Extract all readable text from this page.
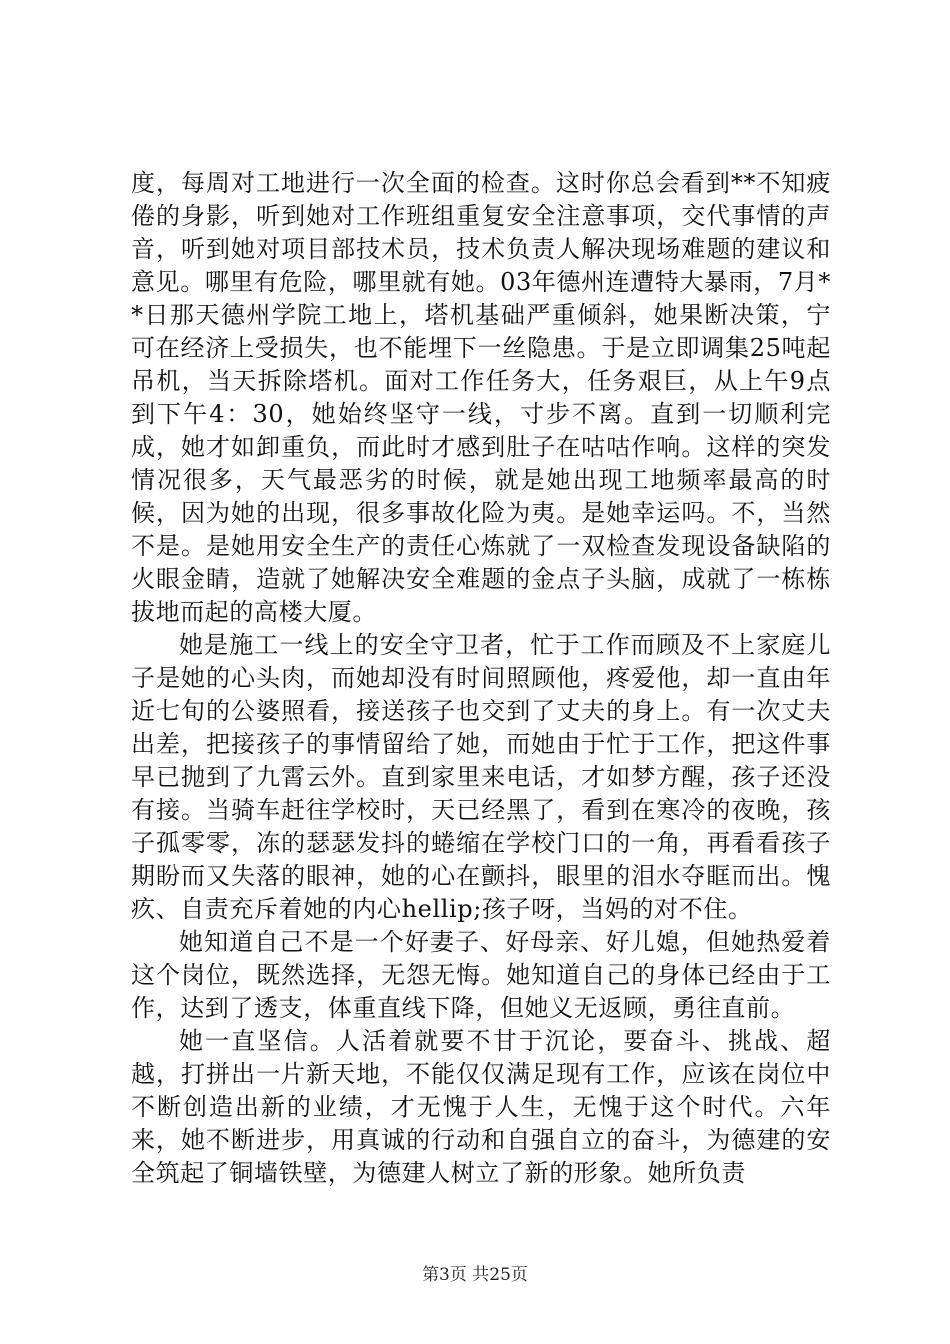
度，每周对工地进行一次全面的检查。这时你总会看到**不知疲倦的身影，听到她对工作班组重复安全注意事项，交代事情的声音，听到她对项目部技术员，技术负责人解决现场难题的建议和意见。哪里有危险，哪里就有她。03年德州连遭特大暴雨，7月**日那天德州学院工地上，塔机基础严重倾斜，她果断决策，宁可在经济上受损失，也不能埋下一丝隐患。于是立即调集25吨起吊机，当天拆除塔机。面对工作任务大，任务艰巨，从上午9点到下午4：30，她始终坚守一线，寸步不离。直到一切顺利完成，她才如卸重负，而此时才感到肚子在咕咕作响。这样的突发情况很多，天气最恶劣的时候，就是她出现工地频率最高的时候，因为她的出现，很多事故化险为夷。是她幸运吗。不，当然不是。是她用安全生产的责任心炼就了一双检查发现设备缺陷的火眼金睛，造就了她解决安全难题的金点子头脑，成就了一栋栋拔地而起的高楼大厦。

她是施工一线上的安全守卫者，忙于工作而顾及不上家庭儿子是她的心头肉，而她却没有时间照顾他，疼爱他，却一直由年近七旬的公婆照看，接送孩子也交到了丈夫的身上。有一次丈夫出差，把接孩子的事情留给了她，而她由于忙于工作，把这件事早已抛到了九霄云外。直到家里来电话，才如梦方醒，孩子还没有接。当骑车赶往学校时，天已经黑了，看到在寒冷的夜晚，孩子孤零零，冻的瑟瑟发抖的蜷缩在学校门口的一角，再看看孩子期盼而又失落的眼神，她的心在颤抖，眼里的泪水夺眶而出。愧疚、自责充斥着她的内心hellip;孩子呀，当妈的对不住。

她知道自己不是一个好妻子、好母亲、好儿媳，但她热爱着这个岗位，既然选择，无怨无悔。她知道自己的身体已经由于工作，达到了透支，体重直线下降，但她义无返顾，勇往直前。

她一直坚信。人活着就要不甘于沉论，要奋斗、挑战、超越，打拼出一片新天地，不能仅仅满足现有工作，应该在岗位中不断创造出新的业绩，才无愧于人生，无愧于这个时代。六年来，她不断进步，用真诚的行动和自强自立的奋斗，为德建的安全筑起了铜墙铁壁，为德建人树立了新的形象。她所负责

第3页 共25页
